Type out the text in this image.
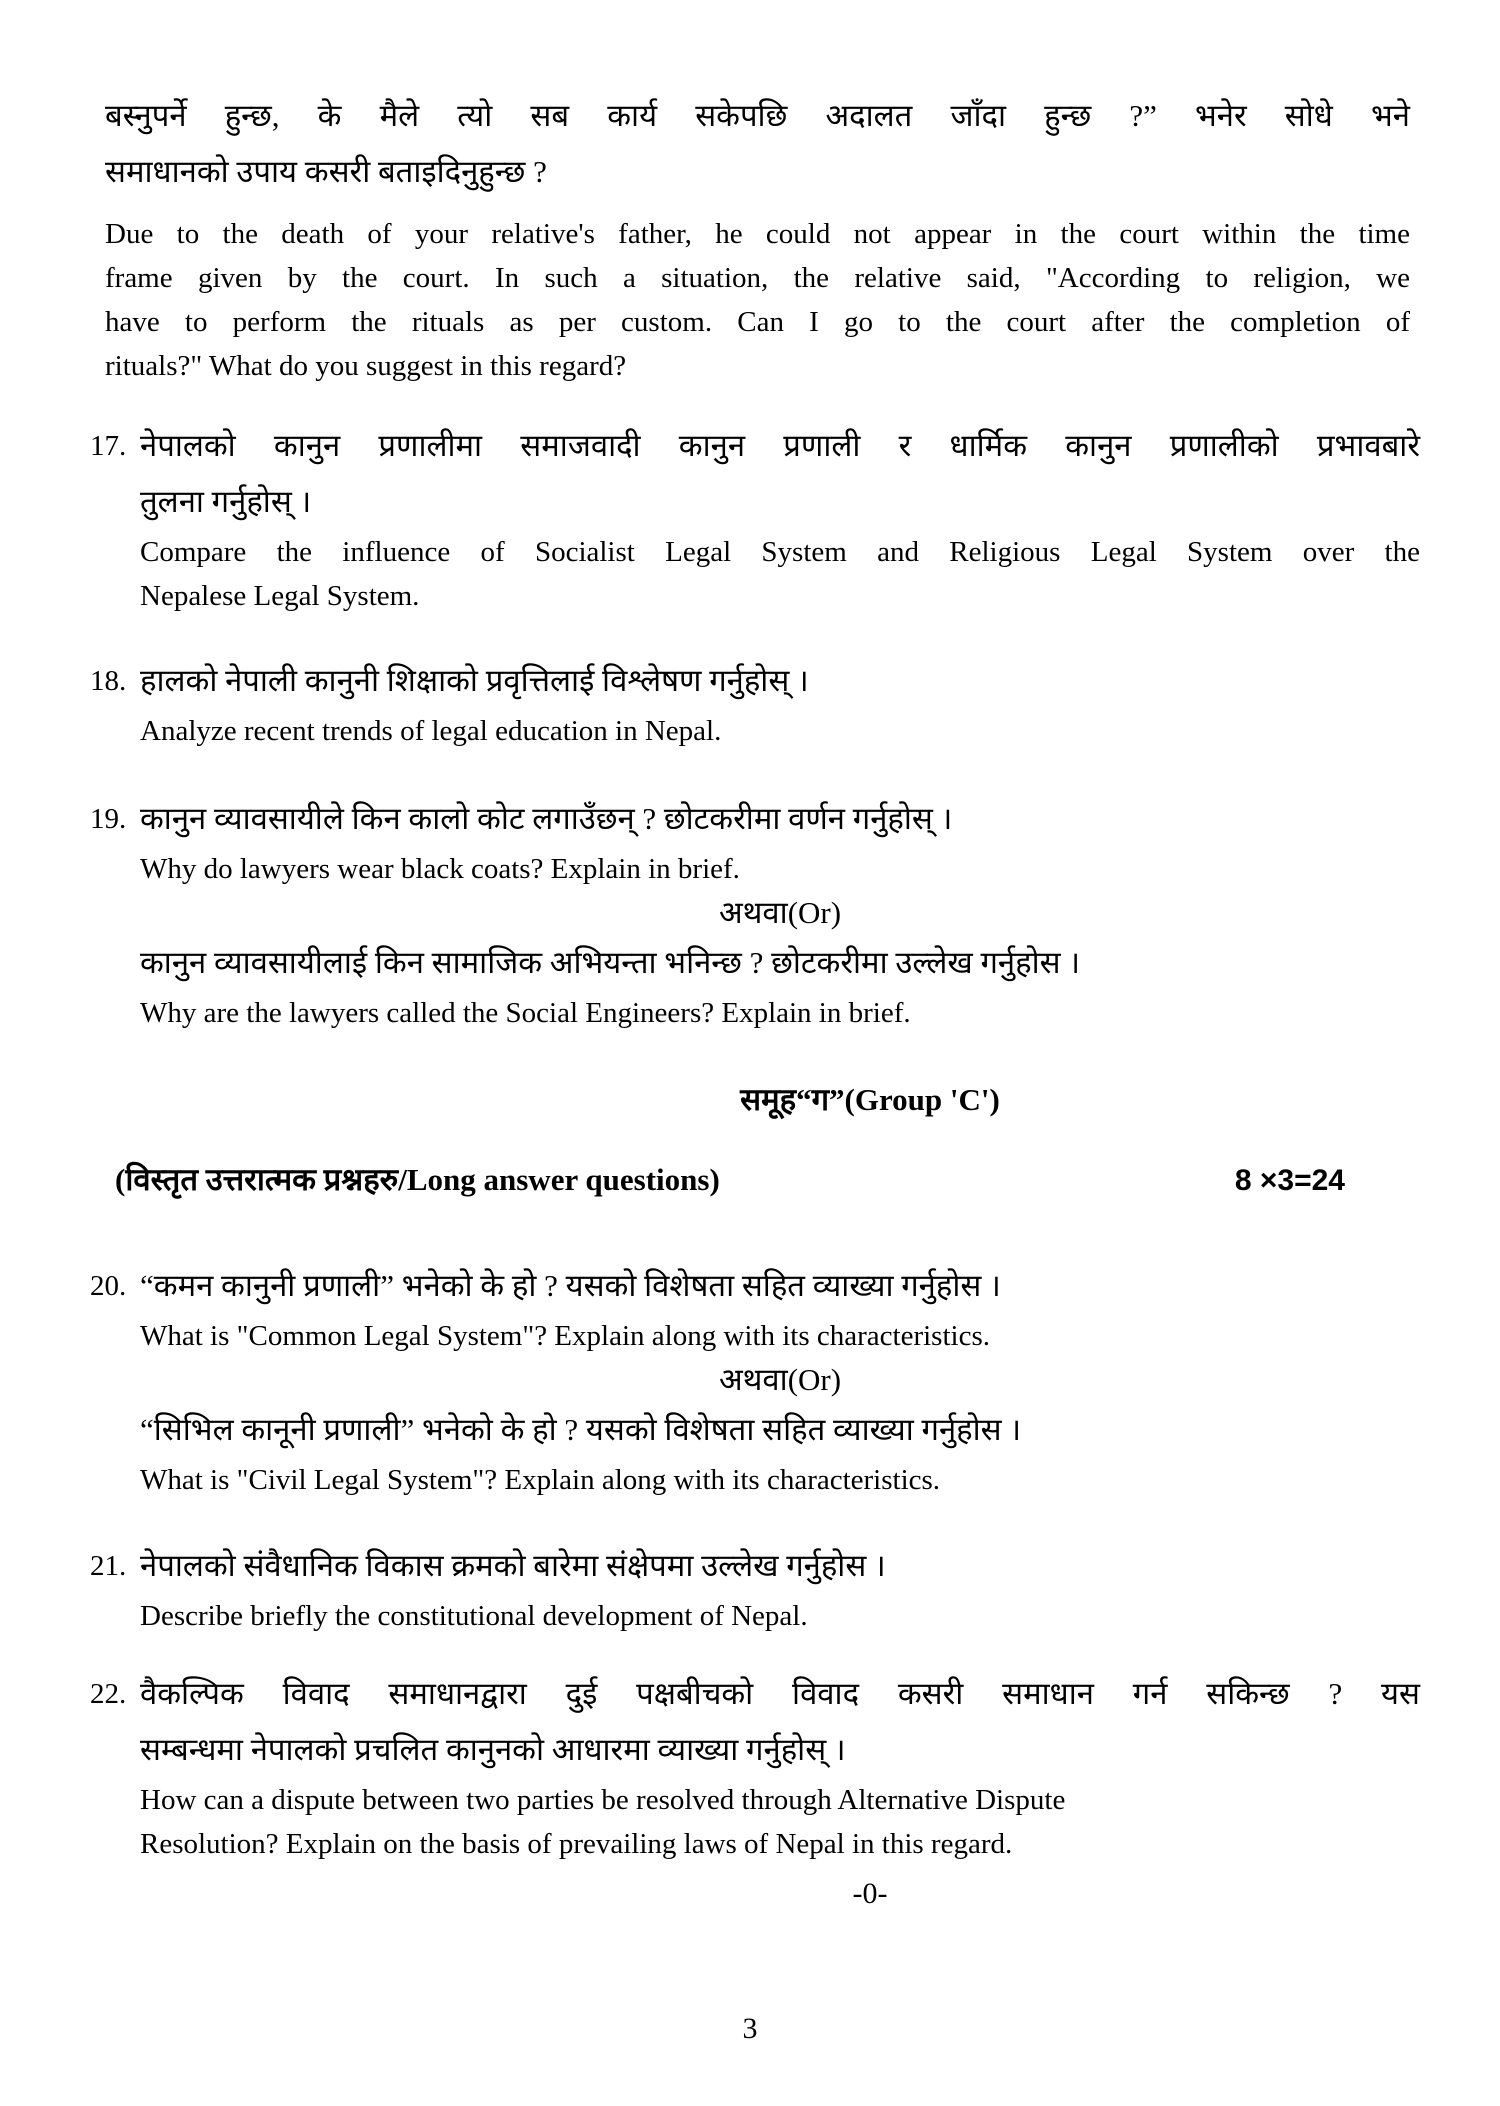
बस्नुपर्ने हुन्छ, के मैले त्यो सब कार्य सकेपछि अदालत जाँदा हुन्छ ?” भनेर सोधे भने
समाधानको उपाय कसरी बताइदिनुहुन्छ ?
Due to the death of your relative's father, he could not appear in the court within the time
frame given by the court. In such a situation, the relative said, "According to religion, we
have to perform the rituals as per custom. Can I go to the court after the completion of
rituals?" What do you suggest in this regard?
17. नेपालको कानुन प्रणालीमा समाजवादी कानुन प्रणाली र धार्मिक कानुन प्रणालीको प्रभावबारे
तुलना गर्नुहोस् ।
Compare the influence of Socialist Legal System and Religious Legal System over the
Nepalese Legal System.
18. हालको नेपाली कानुनी शिक्षाको प्रवृत्तिलाई विश्लेषण गर्नुहोस् ।
Analyze recent trends of legal education in Nepal.
19. कानुन व्यावसायीले किन कालो कोट लगाउँछन् ? छोटकरीमा वर्णन गर्नुहोस् ।
Why do lawyers wear black coats? Explain in brief.
अथवा(Or)
कानुन व्यावसायीलाई किन सामाजिक अभियन्ता भनिन्छ ? छोटकरीमा उल्लेख गर्नुहोस ।
Why are the lawyers called the Social Engineers? Explain in brief.
समूह“ग”(Group 'C')
(विस्तृत उत्तरात्मक प्रश्नहरु/Long answer questions)	8 ×3=24
20. “कमन कानुनी प्रणाली” भनेको के हो ? यसको विशेषता सहित व्याख्या गर्नुहोस ।
What is "Common Legal System"? Explain along with its characteristics.
अथवा(Or)
“सिभिल कानूनी प्रणाली” भनेको के हो ? यसको विशेषता सहित व्याख्या गर्नुहोस ।
What is "Civil Legal System"? Explain along with its characteristics.
21. नेपालको संवैधानिक विकास क्रमको बारेमा संक्षेपमा उल्लेख गर्नुहोस ।
Describe briefly the constitutional development of Nepal.
22. वैकल्पिक विवाद समाधानद्वारा दुई पक्षबीचको विवाद कसरी समाधान गर्न सकिन्छ ? यस
सम्बन्धमा नेपालको प्रचलित कानुनको आधारमा व्याख्या गर्नुहोस् ।
How can a dispute between two parties be resolved through Alternative Dispute
Resolution? Explain on the basis of prevailing laws of Nepal in this regard.
-0-
3
